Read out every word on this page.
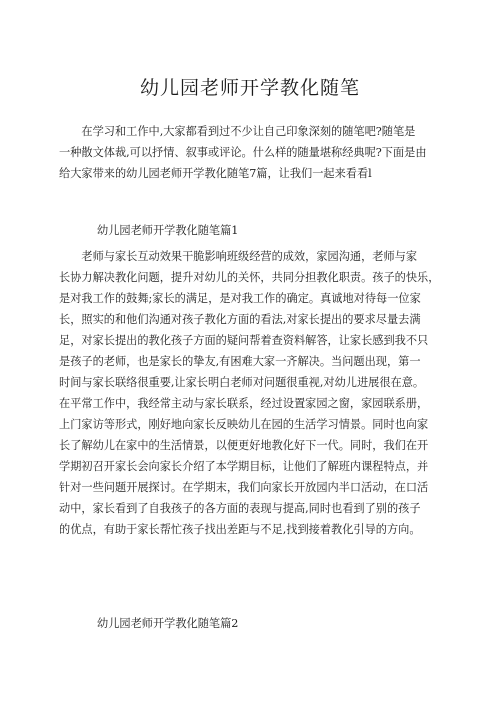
幼儿园老师开学教化随笔
　　在学习和工作中,大家都看到过不少让自己印象深刻的随笔吧?随笔是
一种散文体裁,可以抒情、叙事或评论。什么样的随量堪称经典呢?下面是由
给大家带来的幼儿园老师开学教化随笔7篇，让我们一起来看看l
幼儿园老师开学教化随笔篇1
　　老师与家长互动效果干脆影响班级经营的成效，家园沟通，老师与家
长协力解决教化问题，提升对幼儿的关怀，共同分担教化职责。孩子的快乐，
是对我工作的鼓舞;家长的满足，是对我工作的确定。真诚地对待每一位家
长，照实的和他们沟通对孩子教化方面的看法,对家长提出的要求尽量去满
足，对家长提出的教化孩子方面的疑问帮着查资料解答，让家长感到我不只
是孩子的老师，也是家长的挚友,有困难大家一齐解决。当问题出现，第一
时间与家长联络很重要,让家长明白老师对问题很重视,对幼儿进展很在意。
在平常工作中，我经常主动与家长联系，经过设置家园之窗，家园联系册，
上门家访等形式，刚好地向家长反映幼儿在园的生活学习情景。同时也向家
长了解幼儿在家中的生活情景，以便更好地教化好下一代。同时，我们在开
学期初召开家长会向家长介绍了本学期目标，让他们了解班内课程特点，并
针对一些问题开展探讨。在学期末，我们向家长开放园内半口活动，在口活
动中，家长看到了自我孩子的各方面的表现与提高,同时也看到了别的孩子
的优点，有助于家长帮忙孩子找出差距与不足,找到接着教化引导的方向。
幼儿园老师开学教化随笔篇2
